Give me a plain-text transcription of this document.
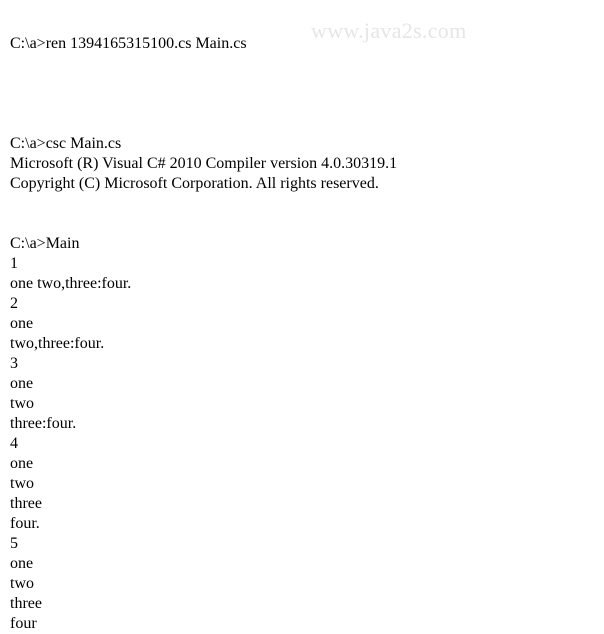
www.java2s.com
C:\a>ren 1394165315100.cs Main.cs
C:\a>csc Main.cs
Microsoft (R) Visual C# 2010 Compiler version 4.0.30319.1
Copyright (C) Microsoft Corporation. All rights reserved.
C:\a>Main
1
one two,three:four.
2
one
two,three:four.
3
one
two
three:four.
4
one
two
three
four.
5
one
two
three
four
